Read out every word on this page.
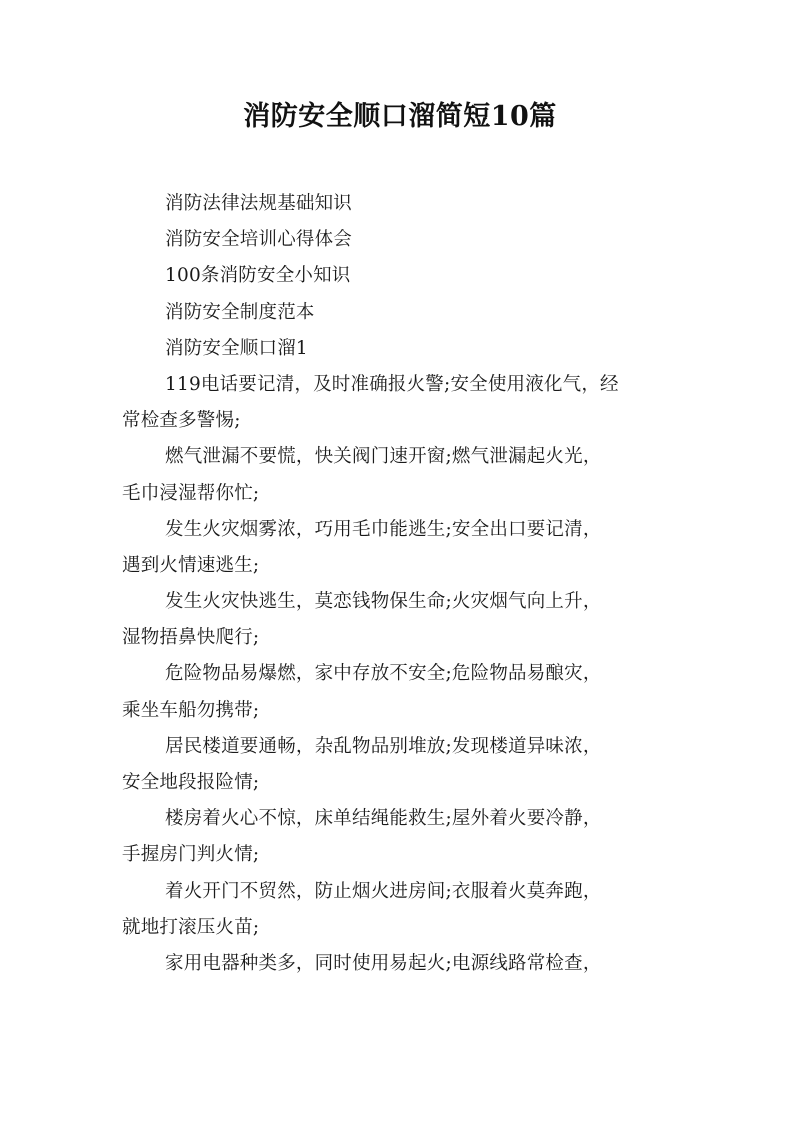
消防安全顺口溜简短10篇
消防法律法规基础知识
消防安全培训心得体会
100条消防安全小知识
消防安全制度范本
消防安全顺口溜1
119电话要记清，及时准确报火警;安全使用液化气，经
常检查多警惕;
燃气泄漏不要慌，快关阀门速开窗;燃气泄漏起火光，
毛巾浸湿帮你忙;
发生火灾烟雾浓，巧用毛巾能逃生;安全出口要记清，
遇到火情速逃生;
发生火灾快逃生，莫恋钱物保生命;火灾烟气向上升，
湿物捂鼻快爬行;
危险物品易爆燃，家中存放不安全;危险物品易酿灾，
乘坐车船勿携带;
居民楼道要通畅，杂乱物品别堆放;发现楼道异味浓，
安全地段报险情;
楼房着火心不惊，床单结绳能救生;屋外着火要冷静，
手握房门判火情;
着火开门不贸然，防止烟火进房间;衣服着火莫奔跑，
就地打滚压火苗;
家用电器种类多，同时使用易起火;电源线路常检查，
